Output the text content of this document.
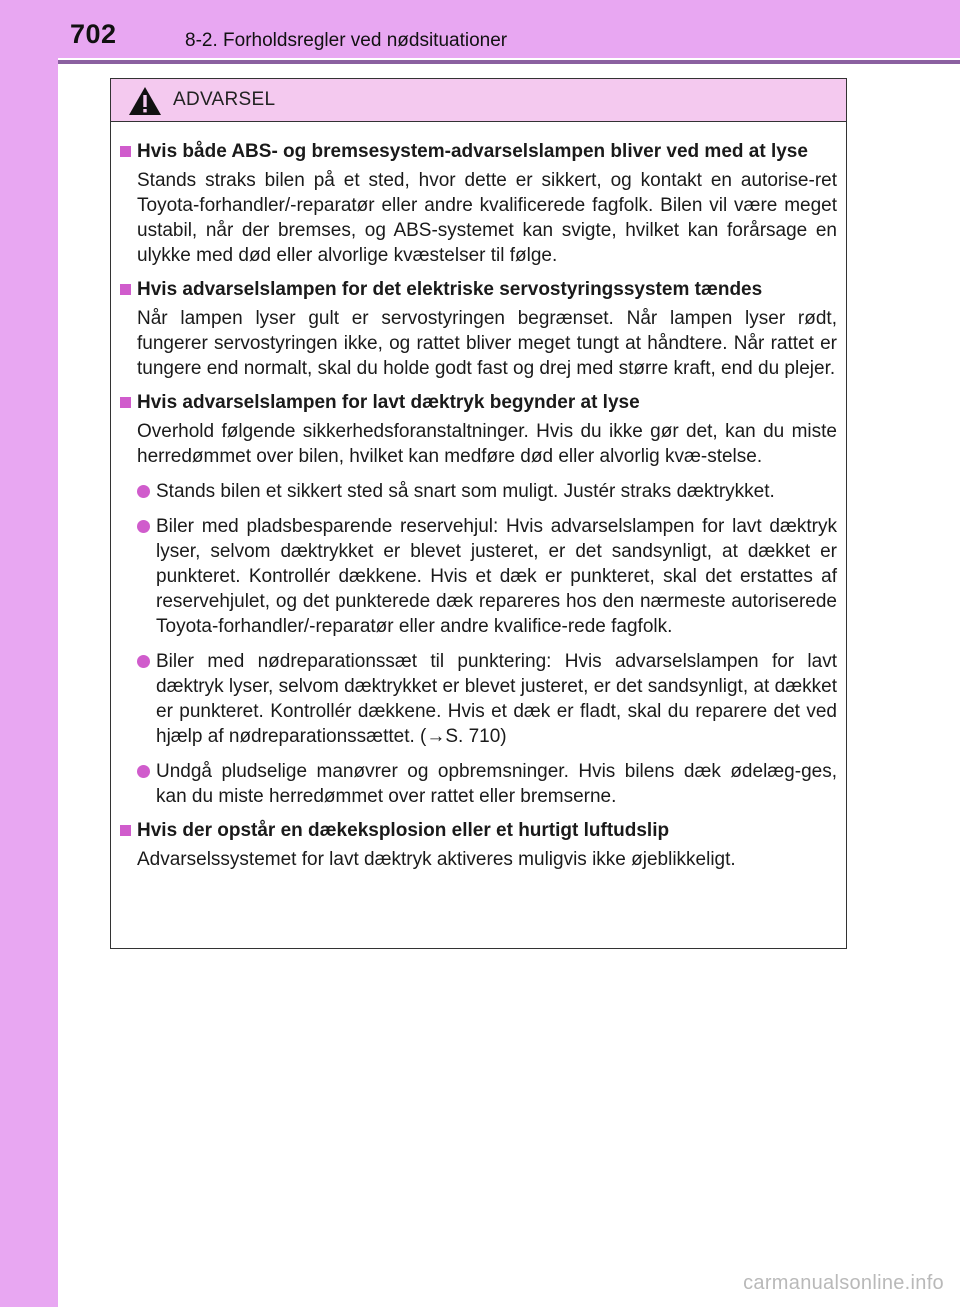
702	8-2. Forholdsregler ved nødsituationer
ADVARSEL
Hvis både ABS- og bremsesystem-advarselslampen bliver ved med at lyse
Stands straks bilen på et sted, hvor dette er sikkert, og kontakt en autorise-ret Toyota-forhandler/-reparatør eller andre kvalificerede fagfolk. Bilen vil være meget ustabil, når der bremses, og ABS-systemet kan svigte, hvilket kan forårsage en ulykke med død eller alvorlige kvæstelser til følge.
Hvis advarselslampen for det elektriske servostyringssystem tændes
Når lampen lyser gult er servostyringen begrænset. Når lampen lyser rødt, fungerer servostyringen ikke, og rattet bliver meget tungt at håndtere. Når rattet er tungere end normalt, skal du holde godt fast og drej med større kraft, end du plejer.
Hvis advarselslampen for lavt dæktryk begynder at lyse
Overhold følgende sikkerhedsforanstaltninger. Hvis du ikke gør det, kan du miste herredømmet over bilen, hvilket kan medføre død eller alvorlig kvæ-stelse.
Stands bilen et sikkert sted så snart som muligt. Justér straks dæktrykket.
Biler med pladsbesparende reservehjul: Hvis advarselslampen for lavt dæktryk lyser, selvom dæktrykket er blevet justeret, er det sandsynligt, at dækket er punkteret. Kontrollér dækkene. Hvis et dæk er punkteret, skal det erstattes af reservehjulet, og det punkterede dæk repareres hos den nærmeste autoriserede Toyota-forhandler/-reparatør eller andre kvalifice-rede fagfolk.
Biler med nødreparationssæt til punktering: Hvis advarselslampen for lavt dæktryk lyser, selvom dæktrykket er blevet justeret, er det sandsynligt, at dækket er punkteret. Kontrollér dækkene. Hvis et dæk er fladt, skal du reparere det ved hjælp af nødreparationssættet. (→S. 710)
Undgå pludselige manøvrer og opbremsninger. Hvis bilens dæk ødelæg-ges, kan du miste herredømmet over rattet eller bremserne.
Hvis der opstår en dækeksplosion eller et hurtigt luftudslip
Advarselssystemet for lavt dæktryk aktiveres muligvis ikke øjeblikkeligt.
carmanualsonline.info
